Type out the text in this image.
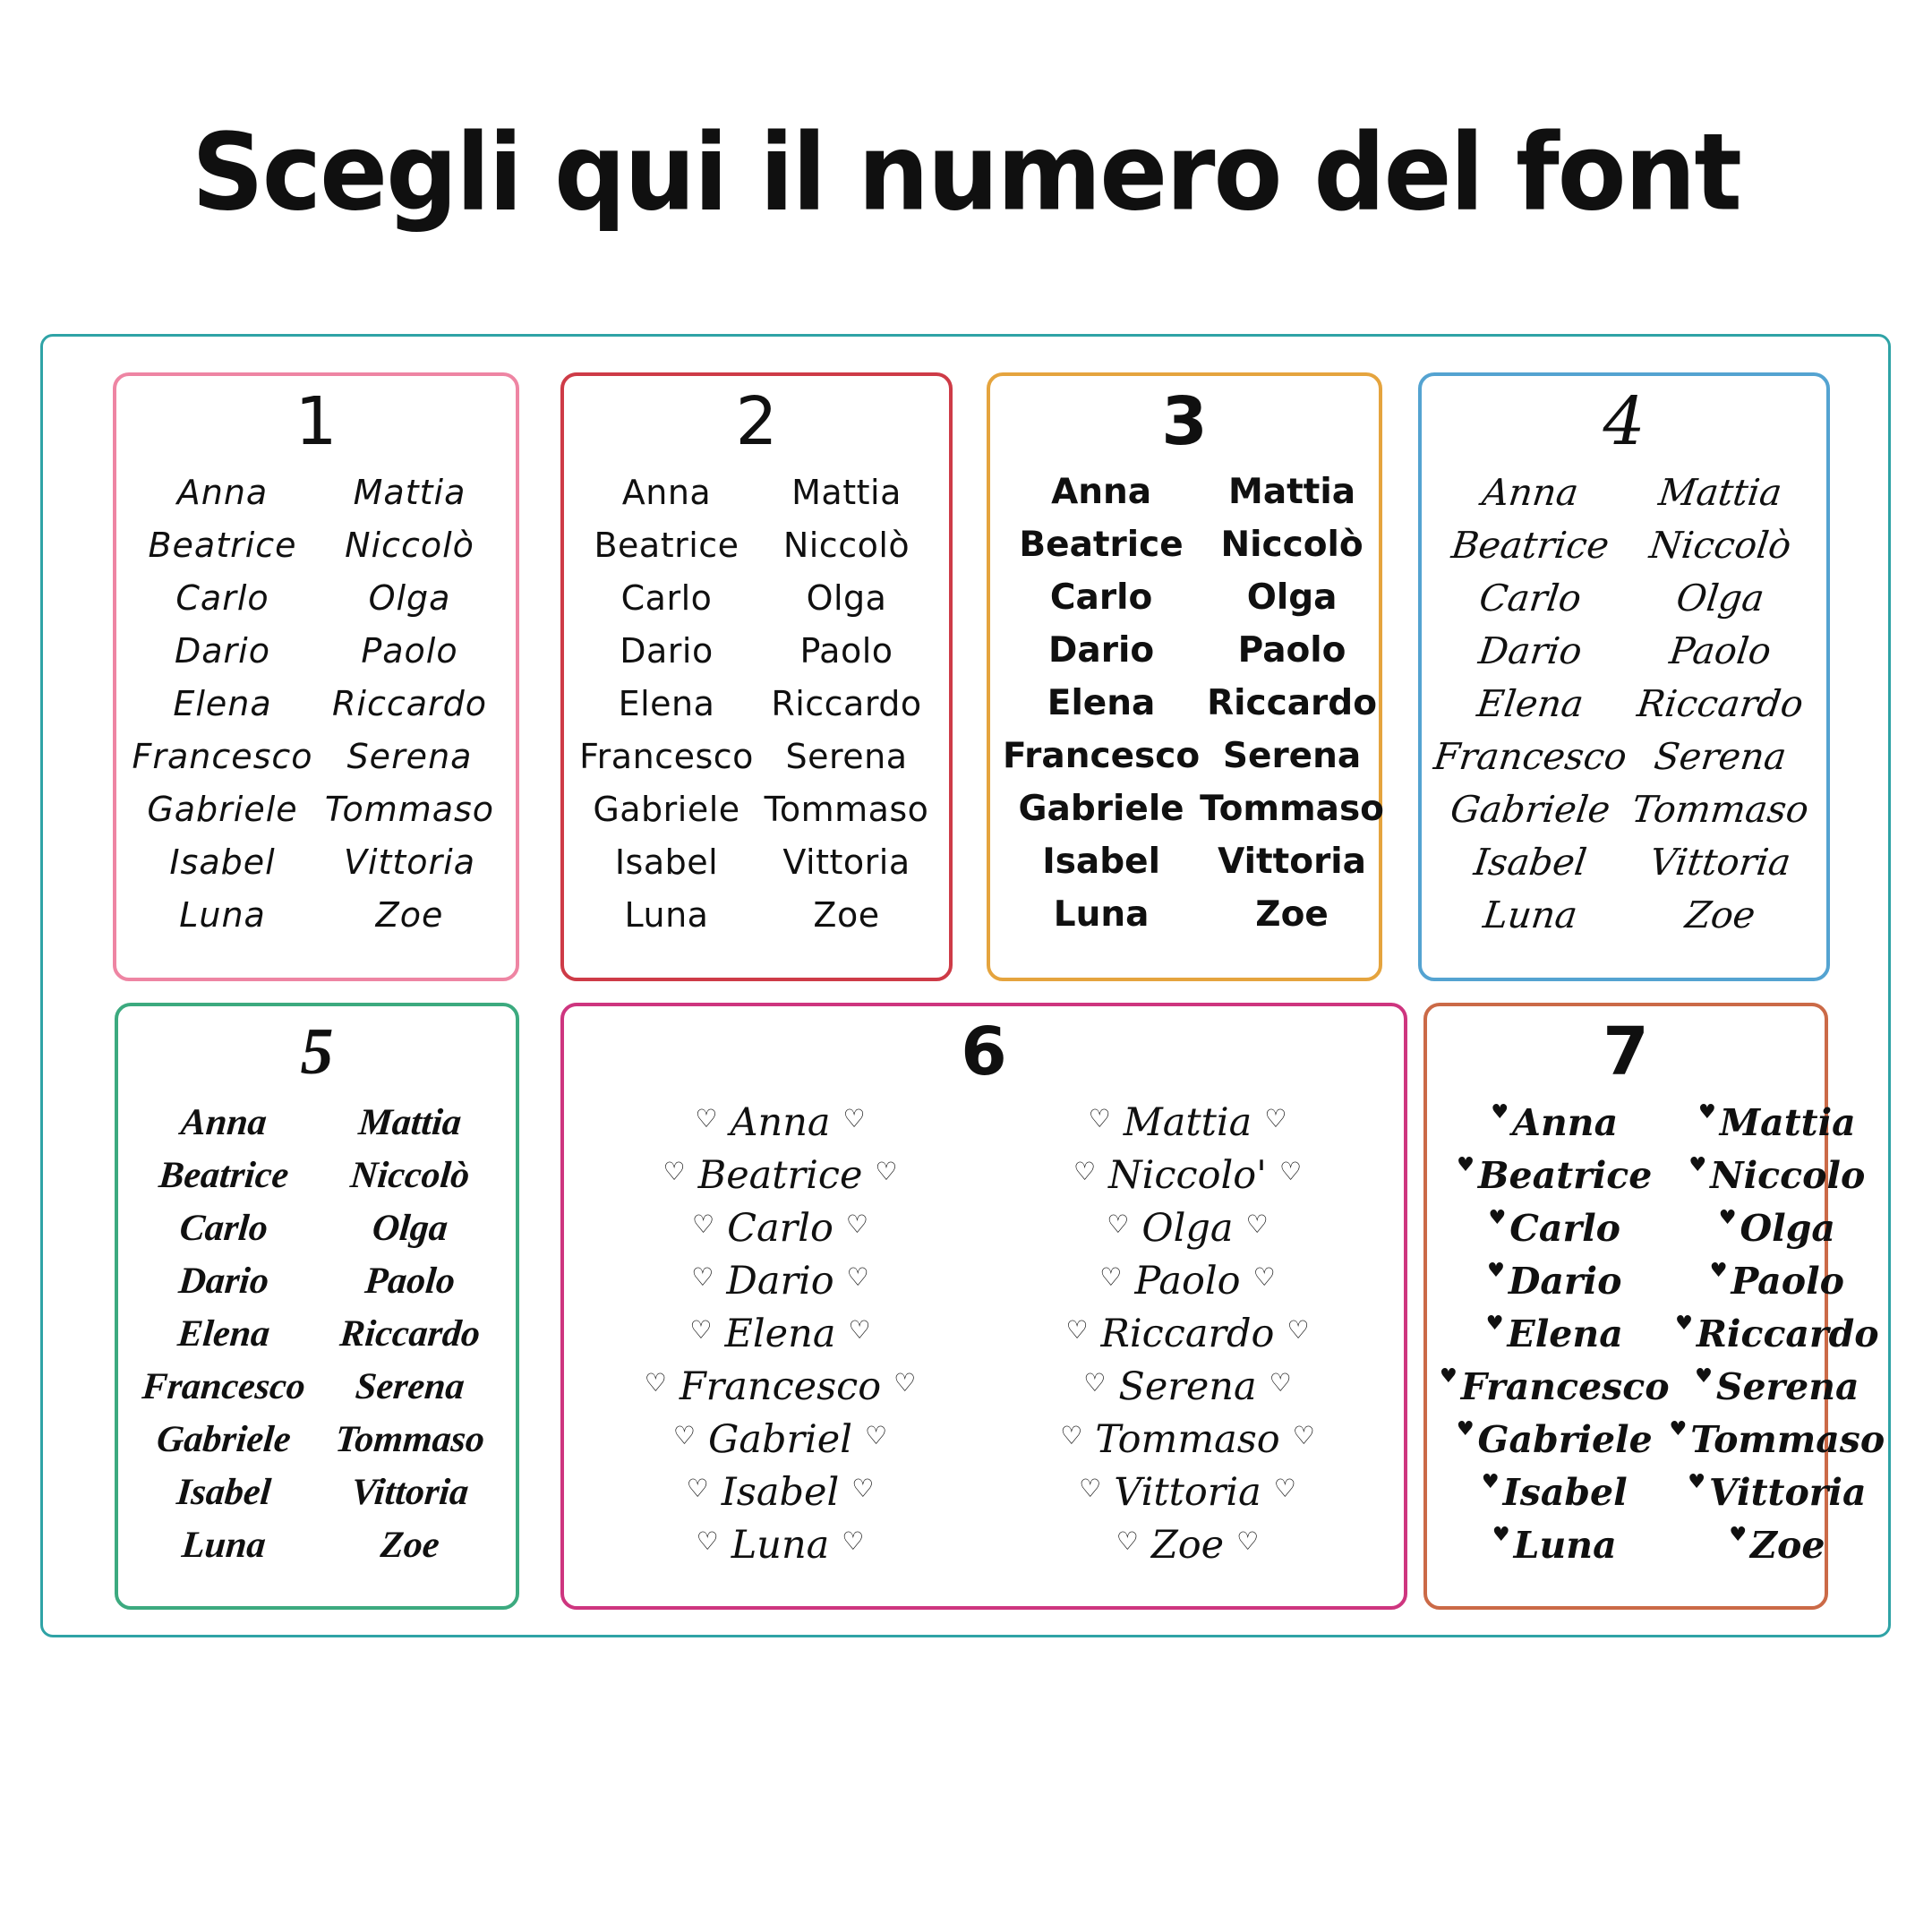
Scegli qui il numero del font
1
Anna
Beatrice
Carlo
Dario
Elena
Francesco
Gabriele
Isabel
Luna
Mattia
Niccolò
Olga
Paolo
Riccardo
Serena
Tommaso
Vittoria
Zoe
2
Anna
Beatrice
Carlo
Dario
Elena
Francesco
Gabriele
Isabel
Luna
Mattia
Niccolò
Olga
Paolo
Riccardo
Serena
Tommaso
Vittoria
Zoe
3
Anna
Beatrice
Carlo
Dario
Elena
Francesco
Gabriele
Isabel
Luna
Mattia
Niccolò
Olga
Paolo
Riccardo
Serena
Tommaso
Vittoria
Zoe
4
Anna
Beatrice
Carlo
Dario
Elena
Francesco
Gabriele
Isabel
Luna
Mattia
Niccolò
Olga
Paolo
Riccardo
Serena
Tommaso
Vittoria
Zoe
5
Anna
Beatrice
Carlo
Dario
Elena
Francesco
Gabriele
Isabel
Luna
Mattia
Niccolò
Olga
Paolo
Riccardo
Serena
Tommaso
Vittoria
Zoe
6
♡ Anna ♡
♡ Beatrice ♡
♡ Carlo ♡
♡ Dario ♡
♡ Elena ♡
♡ Francesco ♡
♡ Gabriel ♡
♡ Isabel ♡
♡ Luna ♡
♡ Mattia ♡
♡ Niccolo' ♡
♡ Olga ♡
♡ Paolo ♡
♡ Riccardo ♡
♡ Serena ♡
♡ Tommaso ♡
♡ Vittoria ♡
♡ Zoe ♡
7
♥ Anna
♥ Beatrice
♥ Carlo
♥ Dario
♥ Elena
♥ Francesco
♥ Gabriele
♥ Isabel
♥ Luna
♥ Mattia
♥ Niccolo
♥ Olga
♥ Paolo
♥ Riccardo
♥ Serena
♥ Tommaso
♥ Vittoria
♥ Zoe
